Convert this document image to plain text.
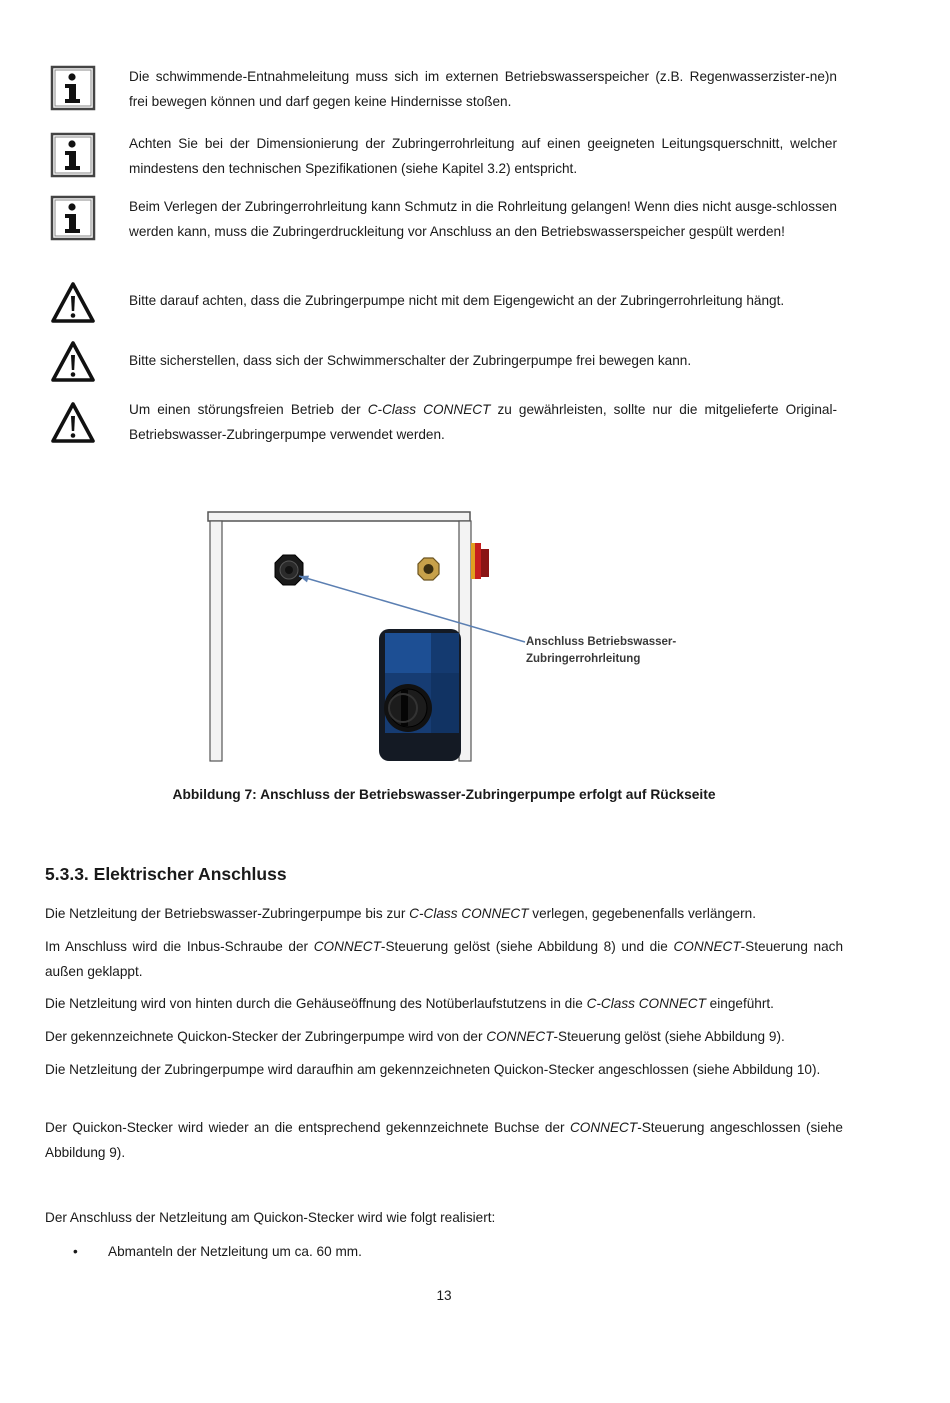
Die schwimmende-Entnahmeleitung muss sich im externen Betriebswasserspeicher (z.B. Regenwasserzister-ne)n frei bewegen können und darf gegen keine Hindernisse stoßen.
Achten Sie bei der Dimensionierung der Zubringerrohrleitung auf einen geeigneten Leitungsquerschnitt, welcher mindestens den technischen Spezifikationen (siehe Kapitel 3.2) entspricht.
Beim Verlegen der Zubringerrohrleitung kann Schmutz in die Rohrleitung gelangen! Wenn dies nicht ausge-schlossen werden kann, muss die Zubringerdruckleitung vor Anschluss an den Betriebswasserspeicher gespült werden!
Bitte darauf achten, dass die Zubringerpumpe nicht mit dem Eigengewicht an der Zubringerrohrleitung hängt.
Bitte sicherstellen, dass sich der Schwimmerschalter der Zubringerpumpe frei bewegen kann.
Um einen störungsfreien Betrieb der C-Class CONNECT zu gewährleisten, sollte nur die mitgelieferte Original-Betriebswasser-Zubringerpumpe verwendet werden.
Anschluss Betriebswasser-
Zubringerrohrleitung
Abbildung 7: Anschluss der Betriebswasser-Zubringerpumpe erfolgt auf Rückseite
5.3.3. Elektrischer Anschluss
Die Netzleitung der Betriebswasser-Zubringerpumpe bis zur C-Class CONNECT verlegen, gegebenenfalls verlängern.
Im Anschluss wird die Inbus-Schraube der CONNECT-Steuerung gelöst (siehe Abbildung 8) und die CONNECT-Steuerung nach außen geklappt.
Die Netzleitung wird von hinten durch die Gehäuseöffnung des Notüberlaufstutzens in die C-Class CONNECT eingeführt.
Der gekennzeichnete Quickon-Stecker der Zubringerpumpe wird von der CONNECT-Steuerung gelöst (siehe Abbildung 9).
Die Netzleitung der Zubringerpumpe wird daraufhin am gekennzeichneten Quickon-Stecker angeschlossen (siehe Abbildung 10).
Der Quickon-Stecker wird wieder an die entsprechend gekennzeichnete Buchse der CONNECT-Steuerung angeschlossen (siehe Abbildung 9).
Der Anschluss der Netzleitung am Quickon-Stecker wird wie folgt realisiert:
• Abmanteln der Netzleitung um ca. 60 mm.
13
